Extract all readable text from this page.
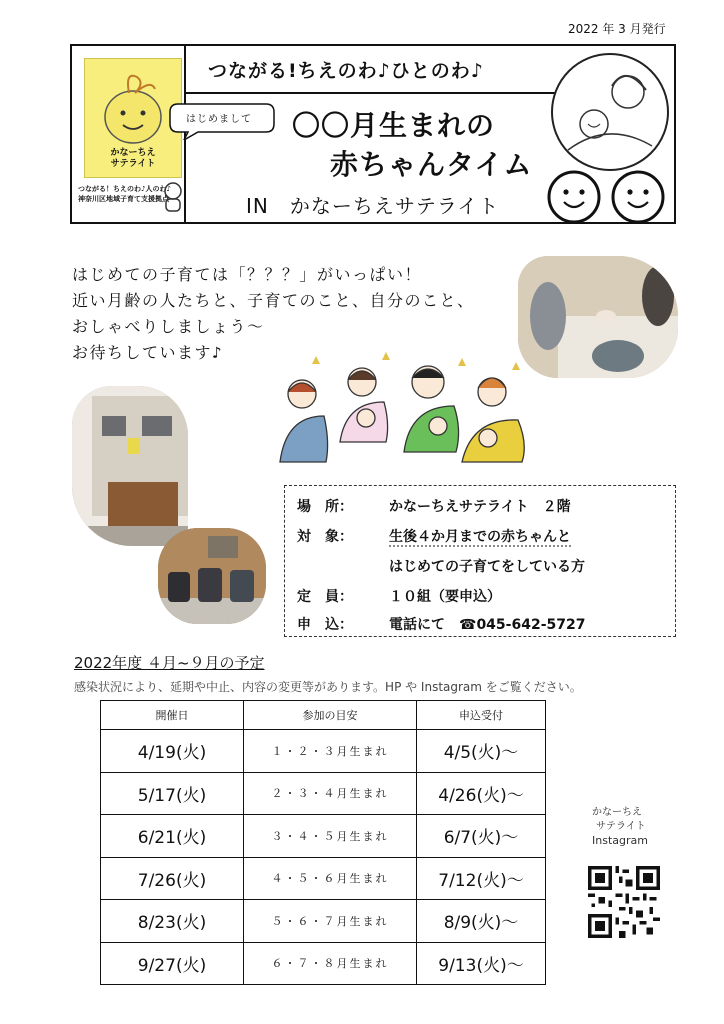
2022 年 3 月発行
つながる!ちえのわ♪ひとのわ♪
かなーちえ
サテライト
つながる！ちえのわ♪人のわ♪
神奈川区地域子育て支援拠点
はじめまして 〇〇月生まれの
赤ちゃんタイム
IN　かなーちえサテライト
はじめての子育ては「？？？」がいっぱい！
近い月齢の人たちと、子育てのこと、自分のこと、
おしゃべりしましょう～
お待ちしています♪
場　所：	かなーちえサテライト　２階
対　象：	生後４か月までの赤ちゃんと
はじめての子育てをしている方
定　員：	１０組（要申込）
申　込：	電話にて　☎045-642-5727
2022年度 ４月~９月の予定
感染状況により、延期や中止、内容の変更等があります。HP や Instagram をご覧ください。
開催日	参加の目安	申込受付
4/19(火)	１・２・３月生まれ	4/5(火)～
5/17(火)	２・３・４月生まれ	4/26(火)～
6/21(火)	３・４・５月生まれ	6/7(火)～
7/26(火)	４・５・６月生まれ	7/12(火)～
8/23(火)	５・６・７月生まれ	8/9(火)～
9/27(火)	６・７・８月生まれ	9/13(火)～
かなーちえ
サテライト
Instagram
